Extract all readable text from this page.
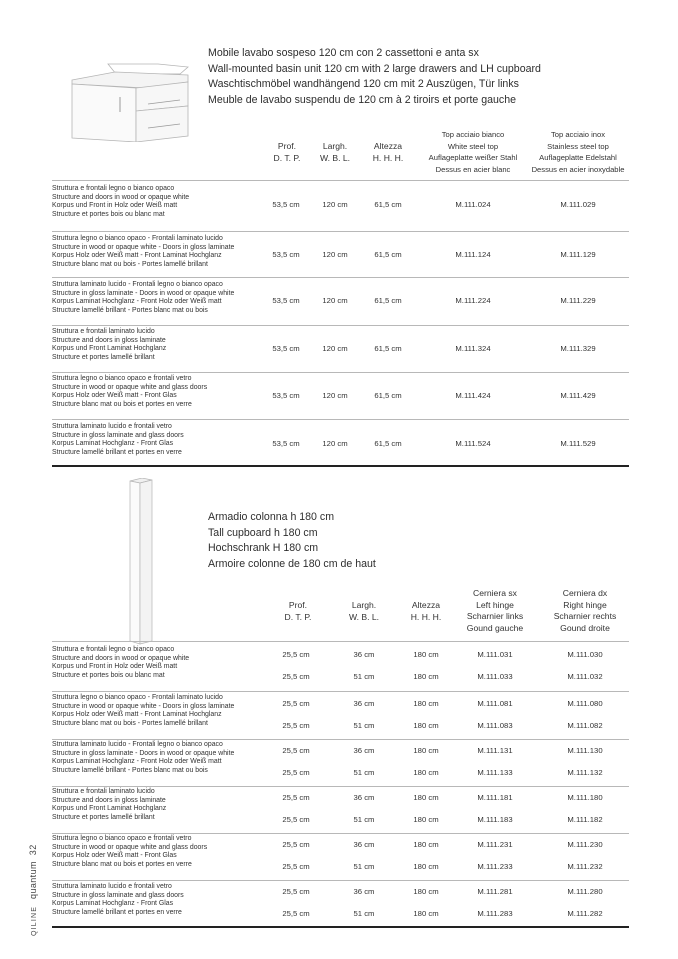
Mobile lavabo sospeso 120 cm con 2 cassettoni e anta sx
Wall-mounted basin unit 120 cm with 2 large drawers and LH cupboard
Waschtischmöbel wandhängend 120 cm mit 2 Auszügen, Tür links
Meuble de lavabo suspendu de 120 cm à 2 tiroirs et porte gauche
Prof.
D. T. P.
Largh.
W. B. L.
Altezza
H. H. H.
Top acciaio bianco
White steel top
Auflageplatte weißer Stahl
Dessus en acier blanc
Top acciaio inox
Stainless steel top
Auflageplatte Edelstahl
Dessus en acier inoxydable
Struttura e frontali legno o bianco opaco
Structure and doors in wood or opaque white
Korpus und Front in Holz oder Weiß matt
Structure et portes bois ou blanc mat
53,5 cm	120 cm	61,5 cm	M.111.024	M.111.029
Struttura legno o bianco opaco - Frontali laminato lucido
Structure in wood or opaque white - Doors in gloss laminate
Korpus Holz oder Weiß matt - Front Laminat Hochglanz
Structure blanc mat ou bois - Portes lamellé brillant
53,5 cm	120 cm	61,5 cm	M.111.124	M.111.129
Struttura laminato lucido - Frontali legno o bianco opaco
Structure in gloss laminate - Doors in wood or opaque white
Korpus Laminat Hochglanz - Front Holz oder Weiß matt
Structure lamellé brillant - Portes blanc mat ou bois
53,5 cm	120 cm	61,5 cm	M.111.224	M.111.229
Struttura e frontali laminato lucido
Structure and doors in gloss laminate
Korpus und Front Laminat Hochglanz
Structure et portes lamellé brillant
53,5 cm	120 cm	61,5 cm	M.111.324	M.111.329
Struttura legno o bianco opaco e frontali vetro
Structure in wood or opaque white and glass doors
Korpus Holz oder Weiß matt - Front Glas
Structure blanc mat ou bois et portes en verre
53,5 cm	120 cm	61,5 cm	M.111.424	M.111.429
Struttura laminato lucido e frontali vetro
Structure in gloss laminate and glass doors
Korpus Laminat Hochglanz - Front Glas
Structure lamellé brillant et portes en verre
53,5 cm	120 cm	61,5 cm	M.111.524	M.111.529
Armadio colonna h 180 cm
Tall cupboard h 180 cm
Hochschrank H 180 cm
Armoire colonne de 180 cm de haut
Prof.
D. T. P.
Largh.
W. B. L.
Altezza
H. H. H.
Cerniera sx
Left hinge
Scharnier links
Gound gauche
Cerniera dx
Right hinge
Scharnier rechts
Gound droite
Struttura e frontali legno o bianco opaco
Structure and doors in wood or opaque white
Korpus und Front in Holz oder Weiß matt
Structure et portes bois ou blanc mat
25,5 cm	36 cm	180 cm	M.111.031	M.111.030
25,5 cm	51 cm	180 cm	M.111.033	M.111.032
Struttura legno o bianco opaco - Frontali laminato lucido
Structure in wood or opaque white - Doors in gloss laminate
Korpus Holz oder Weiß matt - Front Laminat Hochglanz
Structure blanc mat ou bois - Portes lamellé brillant
25,5 cm	36 cm	180 cm	M.111.081	M.111.080
25,5 cm	51 cm	180 cm	M.111.083	M.111.082
Struttura laminato lucido - Frontali legno o bianco opaco
Structure in gloss laminate - Doors in wood or opaque white
Korpus Laminat Hochglanz - Front Holz oder Weiß matt
Structure lamellé brillant - Portes blanc mat ou bois
25,5 cm	36 cm	180 cm	M.111.131	M.111.130
25,5 cm	51 cm	180 cm	M.111.133	M.111.132
Struttura e frontali laminato lucido
Structure and doors in gloss laminate
Korpus und Front Laminat Hochglanz
Structure et portes lamellé brillant
25,5 cm	36 cm	180 cm	M.111.181	M.111.180
25,5 cm	51 cm	180 cm	M.111.183	M.111.182
Struttura legno o bianco opaco e frontali vetro
Structure in wood or opaque white and glass doors
Korpus Holz oder Weiß matt - Front Glas
Structure blanc mat ou bois et portes en verre
25,5 cm	36 cm	180 cm	M.111.231	M.111.230
25,5 cm	51 cm	180 cm	M.111.233	M.111.232
Struttura laminato lucido e frontali vetro
Structure in gloss laminate and glass doors
Korpus Laminat Hochglanz - Front Glas
Structure lamellé brillant et portes en verre
25,5 cm	36 cm	180 cm	M.111.281	M.111.280
25,5 cm	51 cm	180 cm	M.111.283	M.111.282
QILINE quantum 32
